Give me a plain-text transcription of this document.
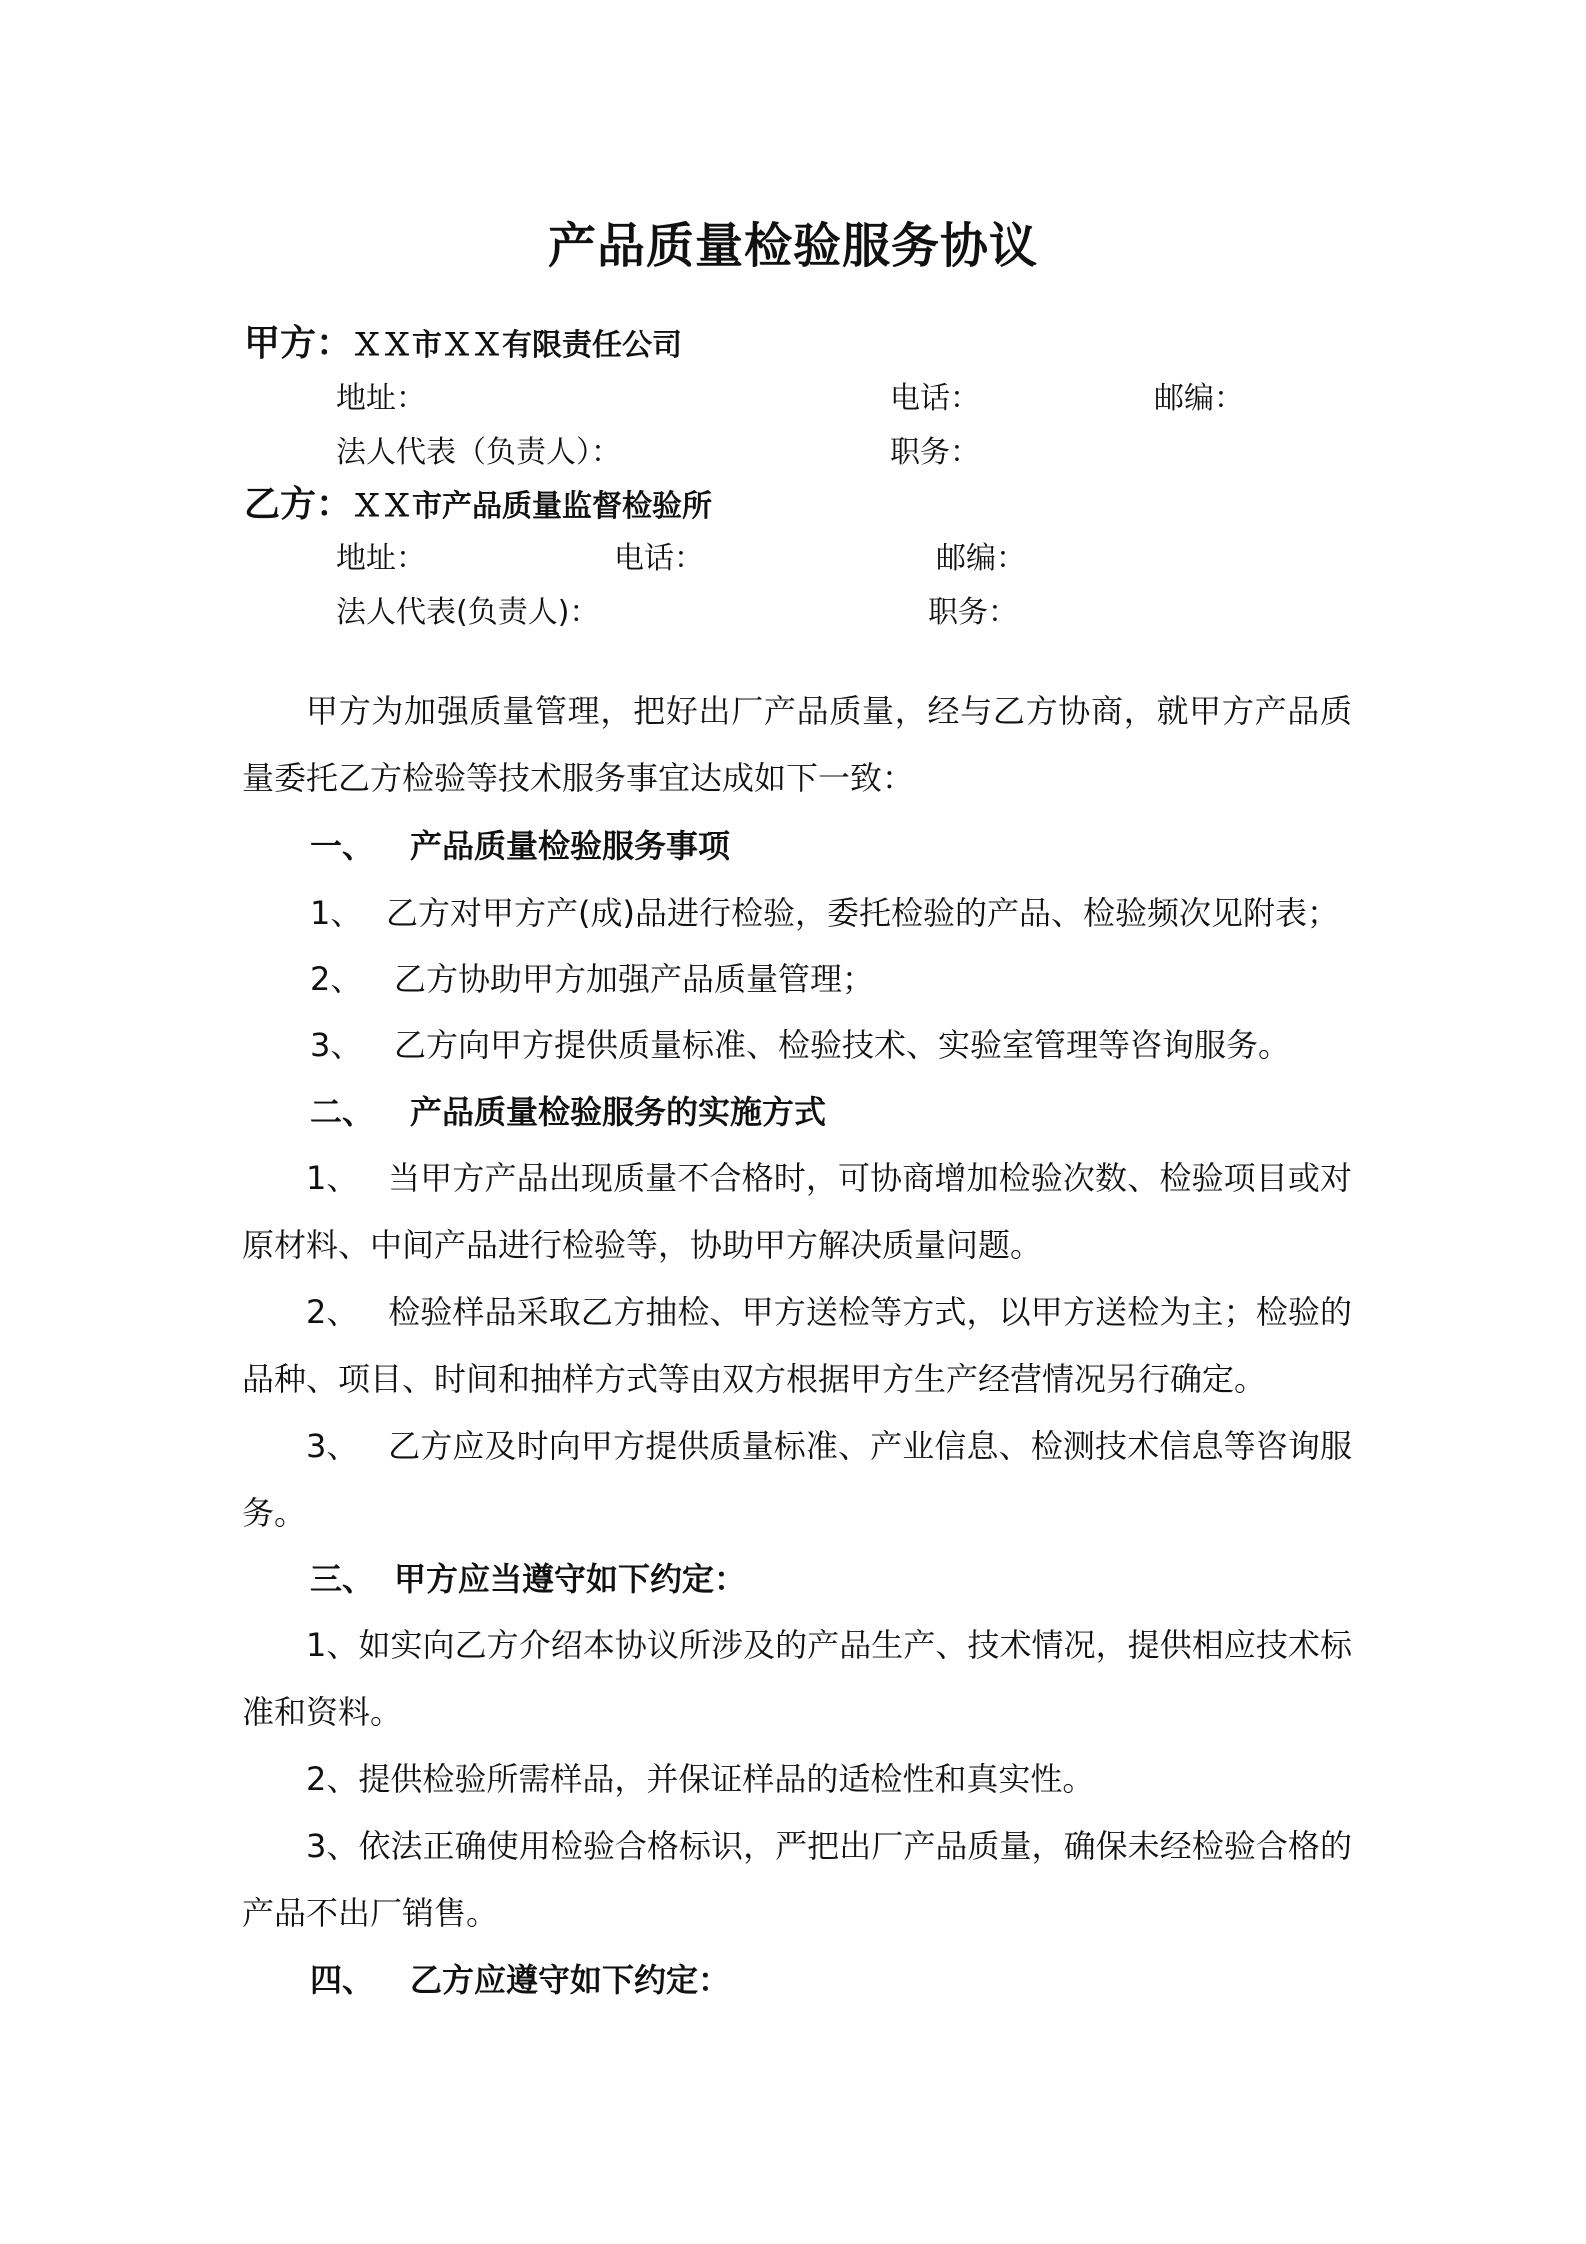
产品质量检验服务协议
甲方： ＸＸ市ＸＸ有限责任公司
地址：	电话：	邮编：
法人代表（负责人）：	职务：
乙方： ＸＸ市产品质量监督检验所
地址：	电话：	邮编：
法人代表(负责人)：	职务：
甲方为加强质量管理，把好出厂产品质量，经与乙方协商，就甲方产品质量委托乙方检验等技术服务事宜达成如下一致：
一、 产品质量检验服务事项
1、 乙方对甲方产(成)品进行检验，委托检验的产品、检验频次见附表；
2、 乙方协助甲方加强产品质量管理；
3、 乙方向甲方提供质量标准、检验技术、实验室管理等咨询服务。
二、 产品质量检验服务的实施方式
1、 当甲方产品出现质量不合格时，可协商增加检验次数、检验项目或对原材料、中间产品进行检验等，协助甲方解决质量问题。
2、 检验样品采取乙方抽检、甲方送检等方式，以甲方送检为主；检验的品种、项目、时间和抽样方式等由双方根据甲方生产经营情况另行确定。
3、 乙方应及时向甲方提供质量标准、产业信息、检测技术信息等咨询服务。
三、 甲方应当遵守如下约定：
1、如实向乙方介绍本协议所涉及的产品生产、技术情况，提供相应技术标准和资料。
2、提供检验所需样品，并保证样品的适检性和真实性。
3、依法正确使用检验合格标识，严把出厂产品质量，确保未经检验合格的产品不出厂销售。
四、 乙方应遵守如下约定：
